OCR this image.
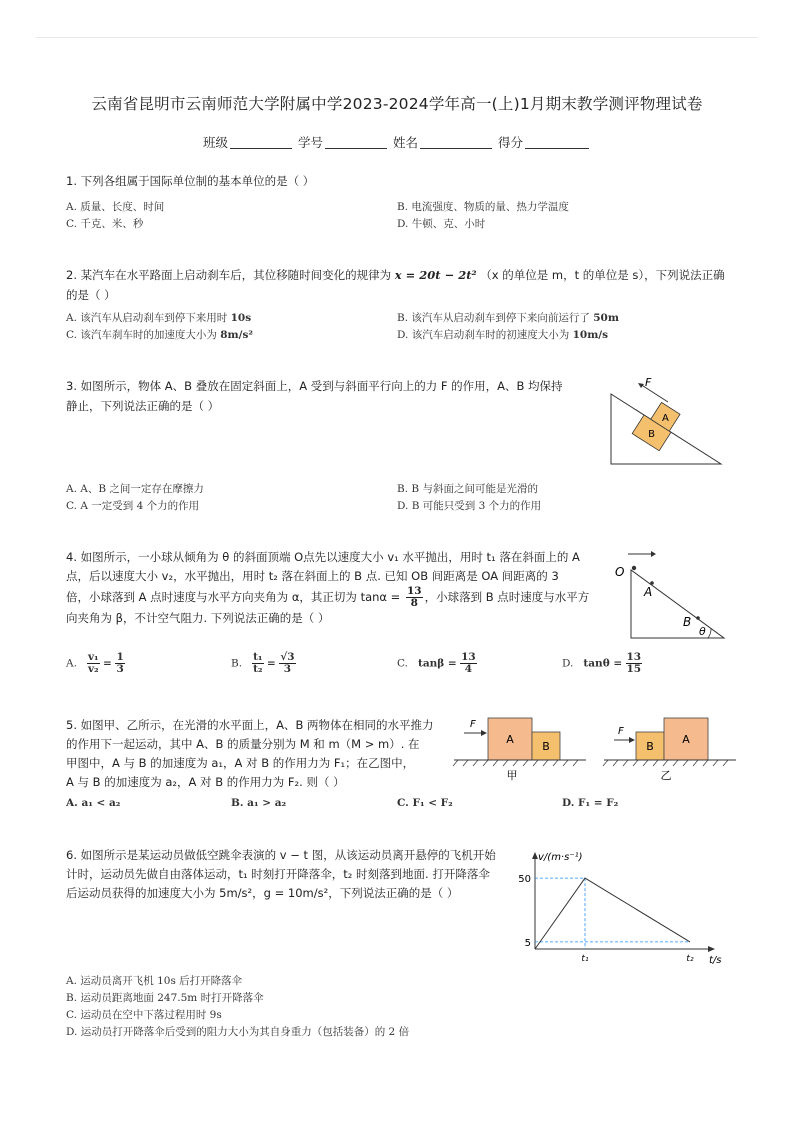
云南省昆明市云南师范大学附属中学2023-2024学年高一(上)1月期末教学测评物理试卷
班级	学号	姓名	得分
1. 下列各组属于国际单位制的基本单位的是（ ）
A. 质量、长度、时间	B. 电流强度、物质的量、热力学温度
C. 千克、米、秒	D. 牛顿、克、小时
2. 某汽车在水平路面上启动刹车后，其位移随时间变化的规律为 x = 20t − 2t² （x 的单位是 m，t 的单位是 s），下列说法正确
的是（ ）
A. 该汽车从启动刹车到停下来用时 10s	B. 该汽车从启动刹车到停下来向前运行了 50m
C. 该汽车刹车时的加速度大小为 8m/s²	D. 该汽车启动刹车时的初速度大小为 10m/s
3. 如图所示，物体 A、B 叠放在固定斜面上，A 受到与斜面平行向上的力 F 的作用，A、B 均保持
静止，下列说法正确的是（ ）
B
A
F
A. A、B 之间一定存在摩擦力	B. B 与斜面之间可能是光滑的
C. A 一定受到 4 个力的作用	D. B 可能只受到 3 个力的作用
4. 如图所示，一小球从倾角为 θ 的斜面顶端 O点先以速度大小 v₁ 水平抛出，用时 t₁ 落在斜面上的 A
点，后以速度大小 v₂，水平抛出，用时 t₂ 落在斜面上的 B 点. 已知 OB 间距离是 OA 间距离的 3
倍，小球落到 A 点时速度与水平方向夹角为 α，其正切为 $\tan\alpha = \frac{13}{8}$ ，小球落到 B 点时速度与水平方
向夹角为 β，不计空气阻力. 下列说法正确的是（ ）
O
A
B
θ
A. $\frac{\text{v₁}}{\text{v₂}} = \frac{1}{3}$	B. $\frac{\text{t₁}}{\text{t₂}} = \frac{√3}{3}$	C. $\tan\beta = \frac{13}{4}$	D. $\tan\theta = \frac{13}{15}$
5. 如图甲、乙所示，在光滑的水平面上，A、B 两物体在相同的水平推力
的作用下一起运动，其中 A、B 的质量分别为 M 和 m（M > m）. 在
甲图中，A 与 B 的加速度为 a₁，A 对 B 的作用力为 F₁；在乙图中，
A 与 B 的加速度为 a₂，A 对 B 的作用力为 F₂. 则（ ）
F
A
B
甲
F
B
A
乙
A. a₁ < a₂	B. a₁ > a₂	C. F₁ < F₂	D. F₁ = F₂
6. 如图所示是某运动员做低空跳伞表演的 v − t 图，从该运动员离开悬停的飞机开始
计时，运动员先做自由落体运动，t₁ 时刻打开降落伞，t₂ 时刻落到地面. 打开降落伞
后运动员获得的加速度大小为 5m/s²，g = 10m/s²，下列说法正确的是（ ）
v/(m·s⁻¹)
t/s
50
5
t₁	t₂
A. 运动员离开飞机 10s 后打开降落伞
B. 运动员距离地面 247.5m 时打开降落伞
C. 运动员在空中下落过程用时 9s
D. 运动员打开降落伞后受到的阻力大小为其自身重力（包括装备）的 2 倍
